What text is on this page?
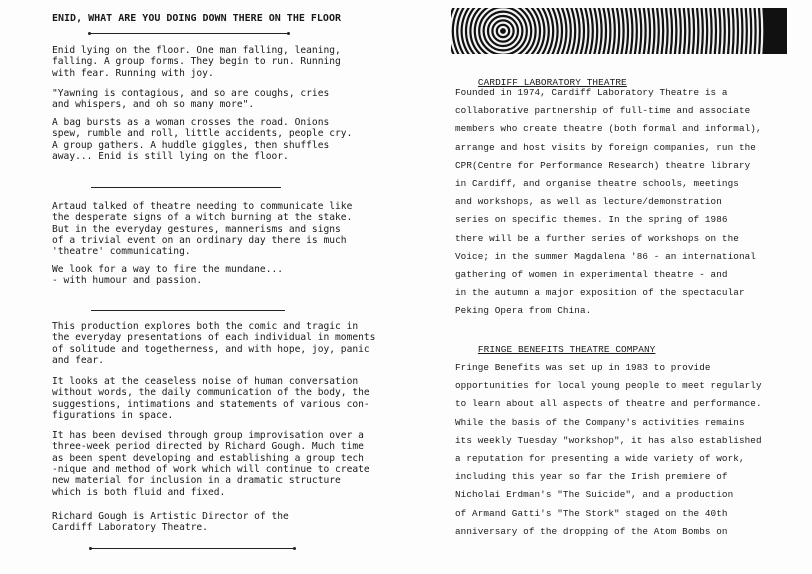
ENID, WHAT ARE YOU DOING DOWN THERE ON THE FLOOR
Enid lying on the floor. One man falling, leaning,
falling. A group forms. They begin to run. Running
with fear. Running with joy.
"Yawning is contagious, and so are coughs, cries
and whispers, and oh so many more".
A bag bursts as a woman crosses the road. Onions
spew, rumble and roll, little accidents, people cry.
A group gathers. A huddle giggles, then shuffles
away... Enid is still lying on the floor.
Artaud talked of theatre needing to communicate like
the desperate signs of a witch burning at the stake.
But in the everyday gestures, mannerisms and signs
of a trivial event on an ordinary day there is much
'theatre' communicating.
We look for a way to fire the mundane...
- with humour and passion.
This production explores both the comic and tragic in
the everyday presentations of each individual in moments
of solitude and togetherness, and with hope, joy, panic
and fear.
It looks at the ceaseless noise of human conversation
without words, the daily communication of the body, the
suggestions, intimations and statements of various con-
figurations in space.
It has been devised through group improvisation over a
three-week period directed by Richard Gough. Much time
as been spent developing and establishing a group tech
-nique and method of work which will continue to create
new material for inclusion in a dramatic structure
which is both fluid and fixed.
Richard Gough is Artistic Director of the
Cardiff Laboratory Theatre.

CARDIFF LABORATORY THEATRE

Founded in 1974, Cardiff Laboratory Theatre is a
collaborative partnership of full-time and associate
members who create theatre (both formal and informal),
arrange and host visits by foreign companies, run the
CPR(Centre for Performance Research) theatre library
in Cardiff, and organise theatre schools, meetings
and workshops, as well as lecture/demonstration
series on specific themes. In the spring of 1986
there will be a further series of workshops on the
Voice; in the summer Magdalena '86 - an international
gathering of women in experimental theatre - and
in the autumn a major exposition of the spectacular
Peking Opera from China.

FRINGE BENEFITS THEATRE COMPANY

Fringe Benefits was set up in 1983 to provide
opportunities for local young people to meet regularly
to learn about all aspects of theatre and performance.
While the basis of the Company's activities remains
its weekly Tuesday "workshop", it has also established
a reputation for presenting a wide variety of work,
including this year so far the Irish premiere of
Nicholai Erdman's "The Suicide", and a production
of Armand Gatti's "The Stork" staged on the 40th
anniversary of the dropping of the Atom Bombs on
